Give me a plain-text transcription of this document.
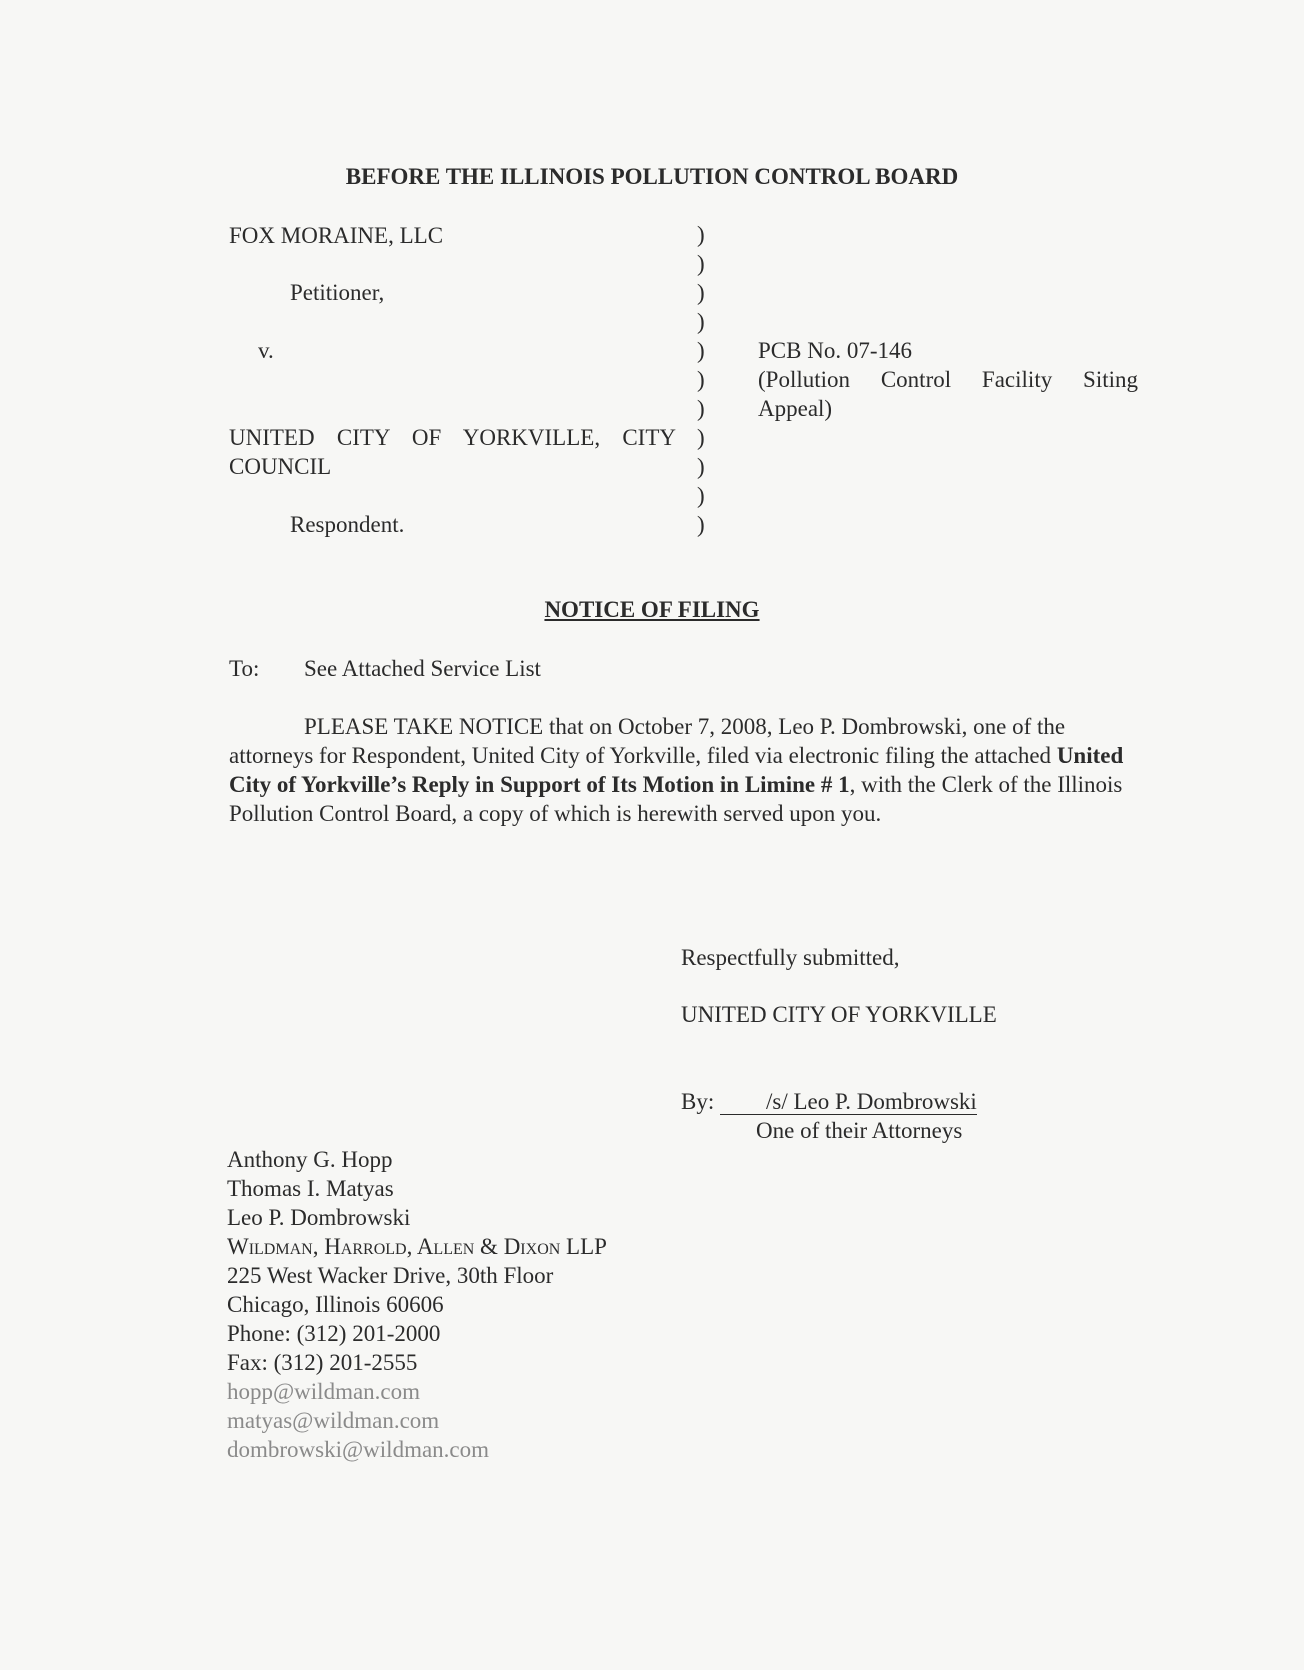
BEFORE THE ILLINOIS POLLUTION CONTROL BOARD
FOX MORAINE, LLC
Petitioner,
v.
UNITED CITY OF YORKVILLE, CITY
COUNCIL
Respondent.
)
)
)
)
)
)
)
)
)
)
)
PCB No. 07-146
(Pollution Control Facility Siting
Appeal)
NOTICE OF FILING
To: See Attached Service List
PLEASE TAKE NOTICE that on October 7, 2008, Leo P. Dombrowski, one of the attorneys for Respondent, United City of Yorkville, filed via electronic filing the attached United City of Yorkville’s Reply in Support of Its Motion in Limine # 1, with the Clerk of the Illinois Pollution Control Board, a copy of which is herewith served upon you.
Respectfully submitted,
UNITED CITY OF YORKVILLE
By: /s/ Leo P. Dombrowski
One of their Attorneys
Anthony G. Hopp
Thomas I. Matyas
Leo P. Dombrowski
Wildman, Harrold, Allen & Dixon LLP
225 West Wacker Drive, 30th Floor
Chicago, Illinois 60606
Phone: (312) 201-2000
Fax: (312) 201-2555
hopp@wildman.com
matyas@wildman.com
dombrowski@wildman.com
